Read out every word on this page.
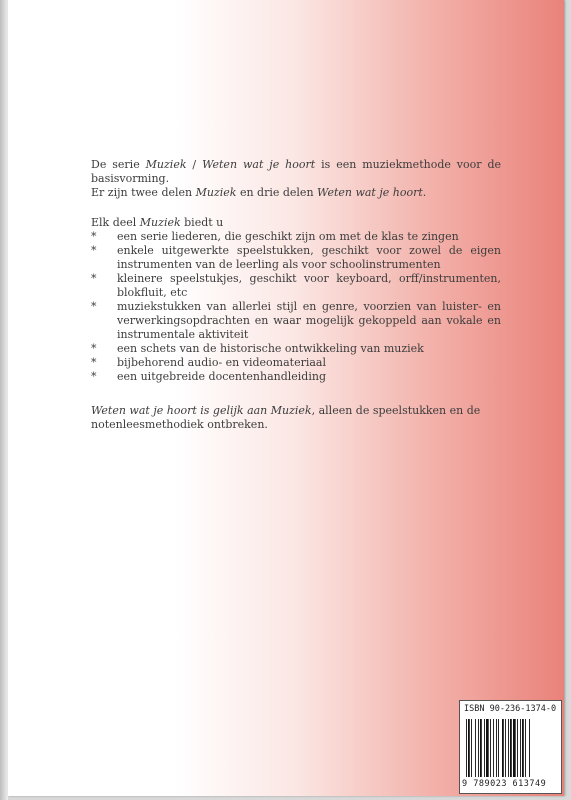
De serie Muziek / Weten wat je hoort is een muziekmethode voor de basisvorming.
Er zijn twee delen Muziek en drie delen Weten wat je hoort.

Elk deel Muziek biedt u

* een serie liederen, die geschikt zijn om met de klas te zingen
* enkele uitgewerkte speelstukken, geschikt voor zowel de eigen instrumenten van de leerling als voor schoolinstrumenten
* kleinere speelstukjes, geschikt voor keyboard, orff/instrumenten, blokfluit, etc
* muziekstukken van allerlei stijl en genre, voorzien van luister- en verwerkingsopdrachten en waar mogelijk gekoppeld aan vokale en instrumentale aktiviteit
* een schets van de historische ontwikkeling van muziek
* bijbehorend audio- en videomateriaal
* een uitgebreide docentenhandleiding

Weten wat je hoort is gelijk aan Muziek, alleen de speelstukken en de notenleesmethodiek ontbreken.

ISBN 90-236-1374-0
9 789023 613749
